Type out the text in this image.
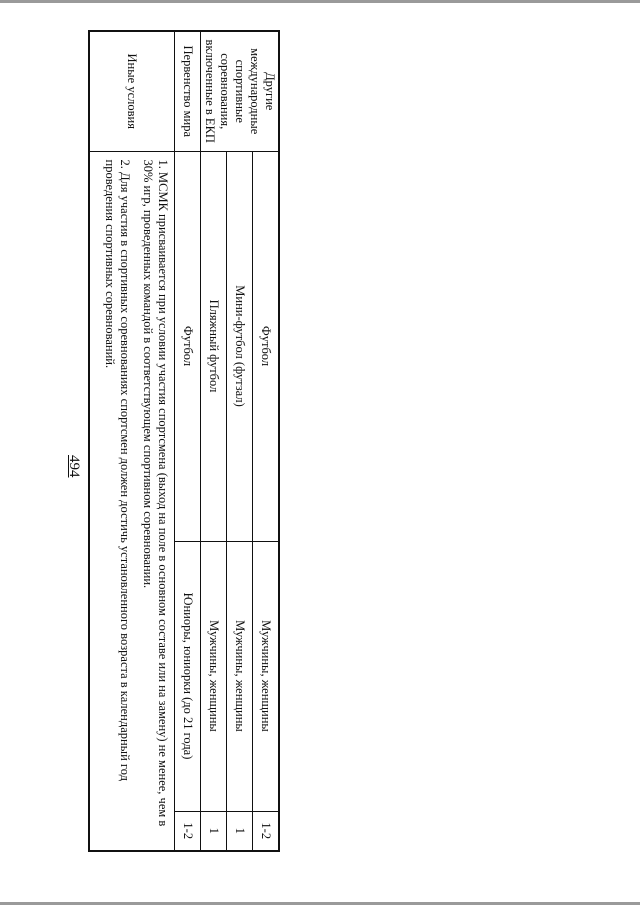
Другие международные спортивные соревнования, включенные в ЕКП	Футбол	Мужчины, женщины	1-2
	Мини-футбол (футзал)	Мужчины, женщины	1
	Пляжный футбол	Мужчины, женщины	1
Первенство мира	Футбол	Юниоры, юниорки (до 21 года)	1-2
Иные условия	1. МСМК присваивается при условии участия спортсмена (выход на поле в основном составе или на замену) не менее, чем в 30% игр, проведенных командой в соответствующем спортивном соревновании.

2. Для участия в спортивных соревнованиях спортсмен должен достичь установленного возраста в календарный год проведения спортивных соревнований.		

494
